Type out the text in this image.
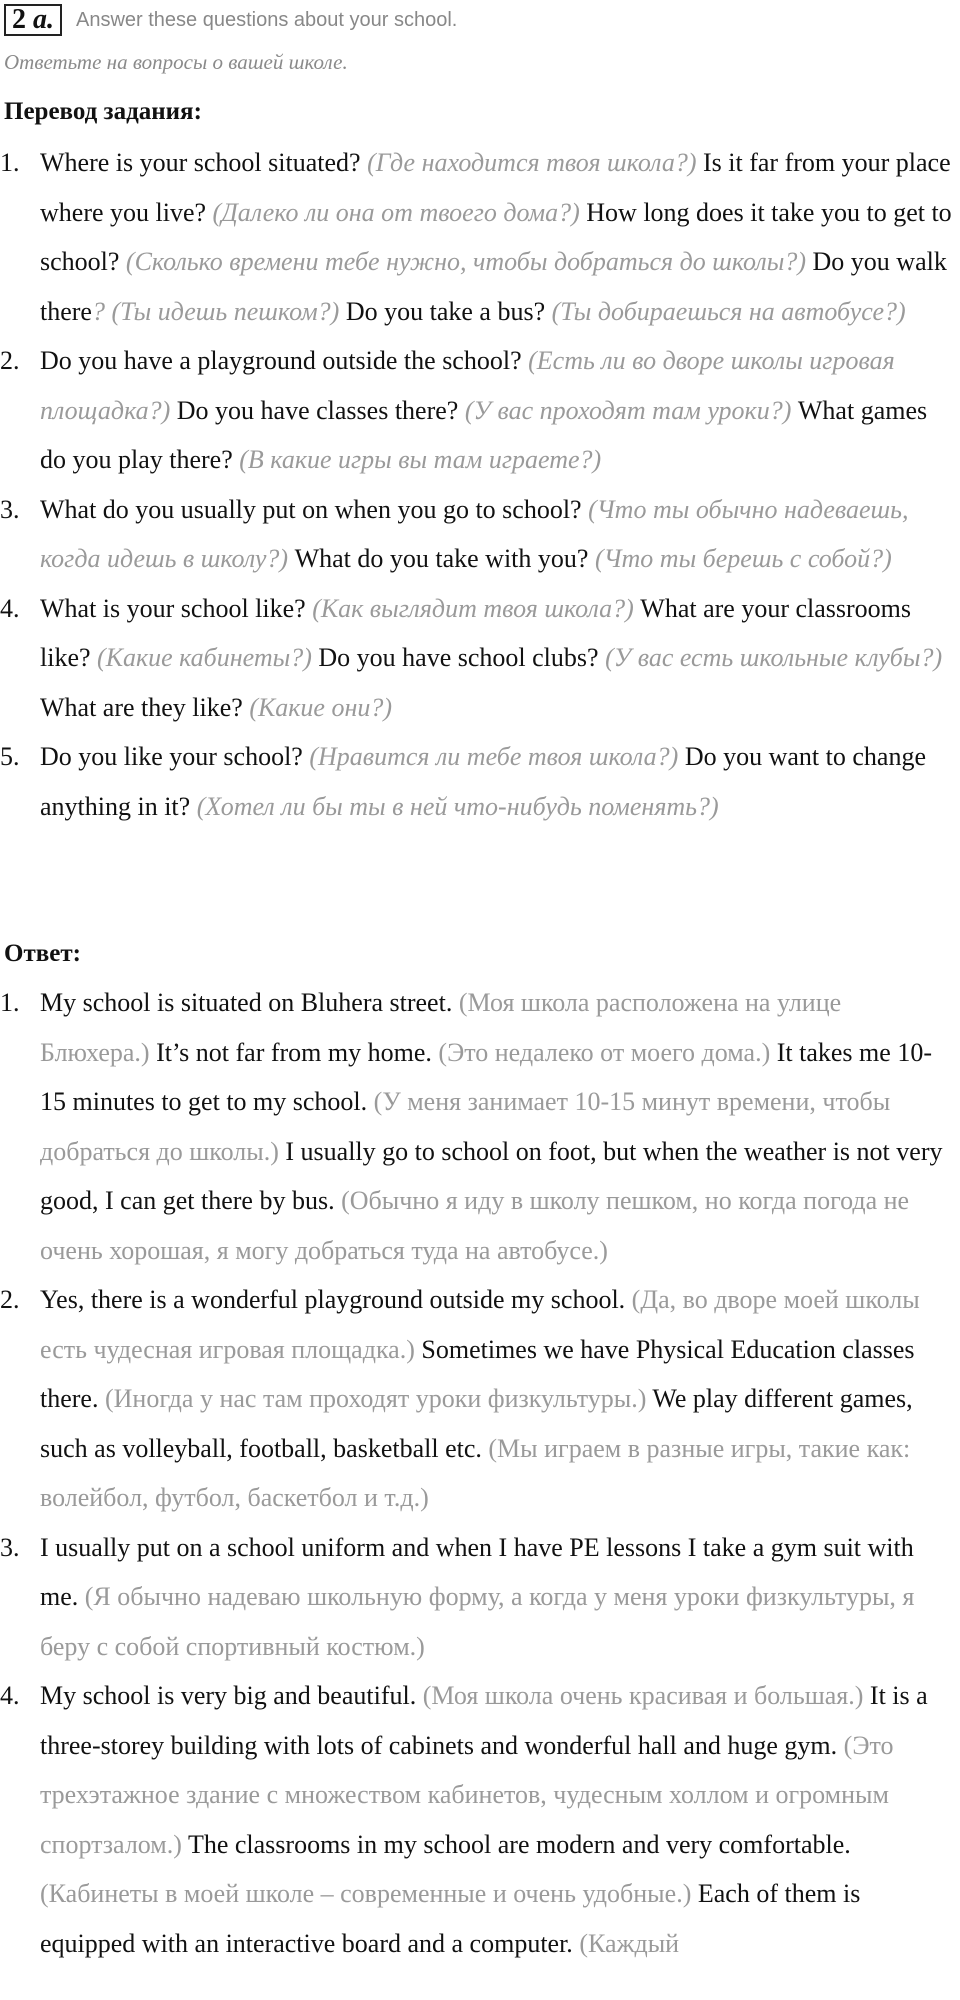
2 a.	Answer these questions about your school.
Ответьте на вопросы о вашей школе.
Перевод задания:
1. Where is your school situated? (Где находится твоя школа?) Is it far from your place where you live? (Далеко ли она от твоего дома?) How long does it take you to get to school? (Сколько времени тебе нужно, чтобы добраться до школы?) Do you walk there? (Ты идешь пешком?) Do you take a bus? (Ты добираешься на автобусе?)
2. Do you have a playground outside the school? (Есть ли во дворе школы игровая площадка?) Do you have classes there? (У вас проходят там уроки?) What games do you play there? (В какие игры вы там играете?)
3. What do you usually put on when you go to school? (Что ты обычно надеваешь, когда идешь в школу?) What do you take with you? (Что ты берешь с собой?)
4. What is your school like? (Как выглядит твоя школа?) What are your classrooms like? (Какие кабинеты?) Do you have school clubs? (У вас есть школьные клубы?) What are they like? (Какие они?)
5. Do you like your school? (Нравится ли тебе твоя школа?) Do you want to change anything in it? (Хотел ли бы ты в ней что-нибудь поменять?)
Ответ:
1. My school is situated on Bluhera street. (Моя школа расположена на улице Блюхера.) It’s not far from my home. (Это недалеко от моего дома.) It takes me 10-15 minutes to get to my school. (У меня занимает 10-15 минут времени, чтобы добраться до школы.) I usually go to school on foot, but when the weather is not very good, I can get there by bus. (Обычно я иду в школу пешком, но когда погода не очень хорошая, я могу добраться туда на автобусе.)
2. Yes, there is a wonderful playground outside my school. (Да, во дворе моей школы есть чудесная игровая площадка.) Sometimes we have Physical Education classes there. (Иногда у нас там проходят уроки физкультуры.) We play different games, such as volleyball, football, basketball etc. (Мы играем в разные игры, такие как: волейбол, футбол, баскетбол и т.д.)
3. I usually put on a school uniform and when I have PE lessons I take a gym suit with me. (Я обычно надеваю школьную форму, а когда у меня уроки физкультуры, я беру с собой спортивный костюм.)
4. My school is very big and beautiful. (Моя школа очень красивая и большая.) It is a three-storey building with lots of cabinets and wonderful hall and huge gym. (Это трехэтажное здание с множеством кабинетов, чудесным холлом и огромным спортзалом.) The classrooms in my school are modern and very comfortable. (Кабинеты в моей школе – современные и очень удобные.) Each of them is equipped with an interactive board and a computer. (Каждый
